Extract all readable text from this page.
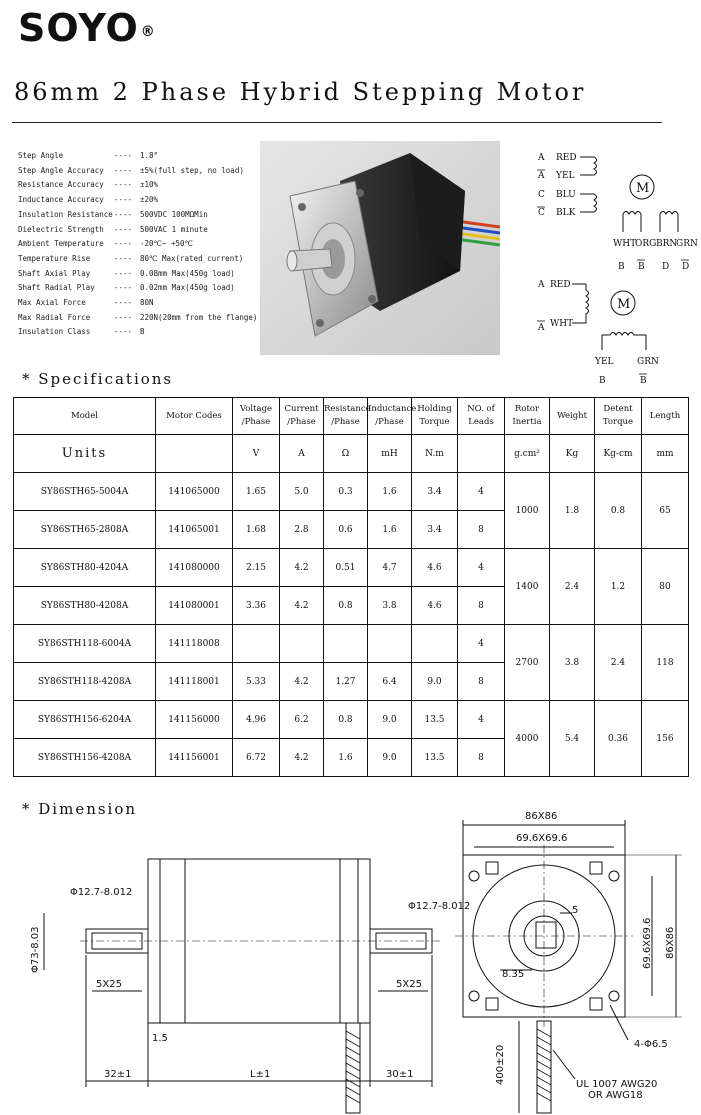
SOYO ®
86mm 2 Phase Hybrid Stepping Motor
Step Angle	----	1.8°
Step Angle Accuracy	----	±5%(full step, no load)
Resistance Accuracy	----	±10%
Inductance Accuracy	----	±20%
Insulation Resistance ----	500VDC 100MΩMin
Dielectric Strength	----	500VAC 1 minute
Ambient Temperature	----	-20℃~ +50℃
Temperature Rise	----	80℃ Max(rated current)
Shaft Axial Play	----	0.08mm Max(450g load)
Shaft Radial Play	----	0.02mm Max(450g load)
Max Axial Force	----	80N
Max Radial Force	----	220N(20mm from the flange)
Insulation Class	----	B
A
A
C
C
RED
YEL
BLU
BLK
M
WHT
ORG BRN
GRN
B B D D
A RED
A WHT
M
YEL	GRN
B	B
* Specifications
Model	Motor Codes	Voltage /Phase	Current /Phase	Resistance /Phase	Inductance /Phase	Holding Torque	NO. of Leads	Rotor Inertia	Weight	Detent Torque	Length
Units		V	A	Ω	mH	N.m		g.cm²	Kg	Kg-cm	mm
SY86STH65-5004A	141065000	1.65	5.0	0.3	1.6	3.4	4	1000	1.8	0.8	65
SY86STH65-2808A	141065001	1.68	2.8	0.6	1.6	3.4	8				
SY86STH80-4204A	141080000	2.15	4.2	0.51	4.7	4.6	4	1400	2.4	1.2	80
SY86STH80-4208A	141080001	3.36	4.2	0.8	3.8	4.6	8				
SY86STH118-6004A	141118008						4	2700	3.8	2.4	118
SY86STH118-4208A	141118001	5.33	4.2	1.27	6.4	9.0	8				
SY86STH156-6204A	141156000	4.96	6.2	0.8	9.0	13.5	4	4000	5.4	0.36	156
SY86STH156-4208A	141156001	6.72	4.2	1.6	9.0	13.5	8				
* Dimension	86X86
69.6X69.6
69.6X69.6 86X86
5
8.35
4-Φ6.5
Φ12.7-8.012
Φ73-8.03
5X25
1.5
32±1	L±1	30±1
Φ12.7-8.012
5X25
400±20	UL 1007 AWG20
OR AWG18
